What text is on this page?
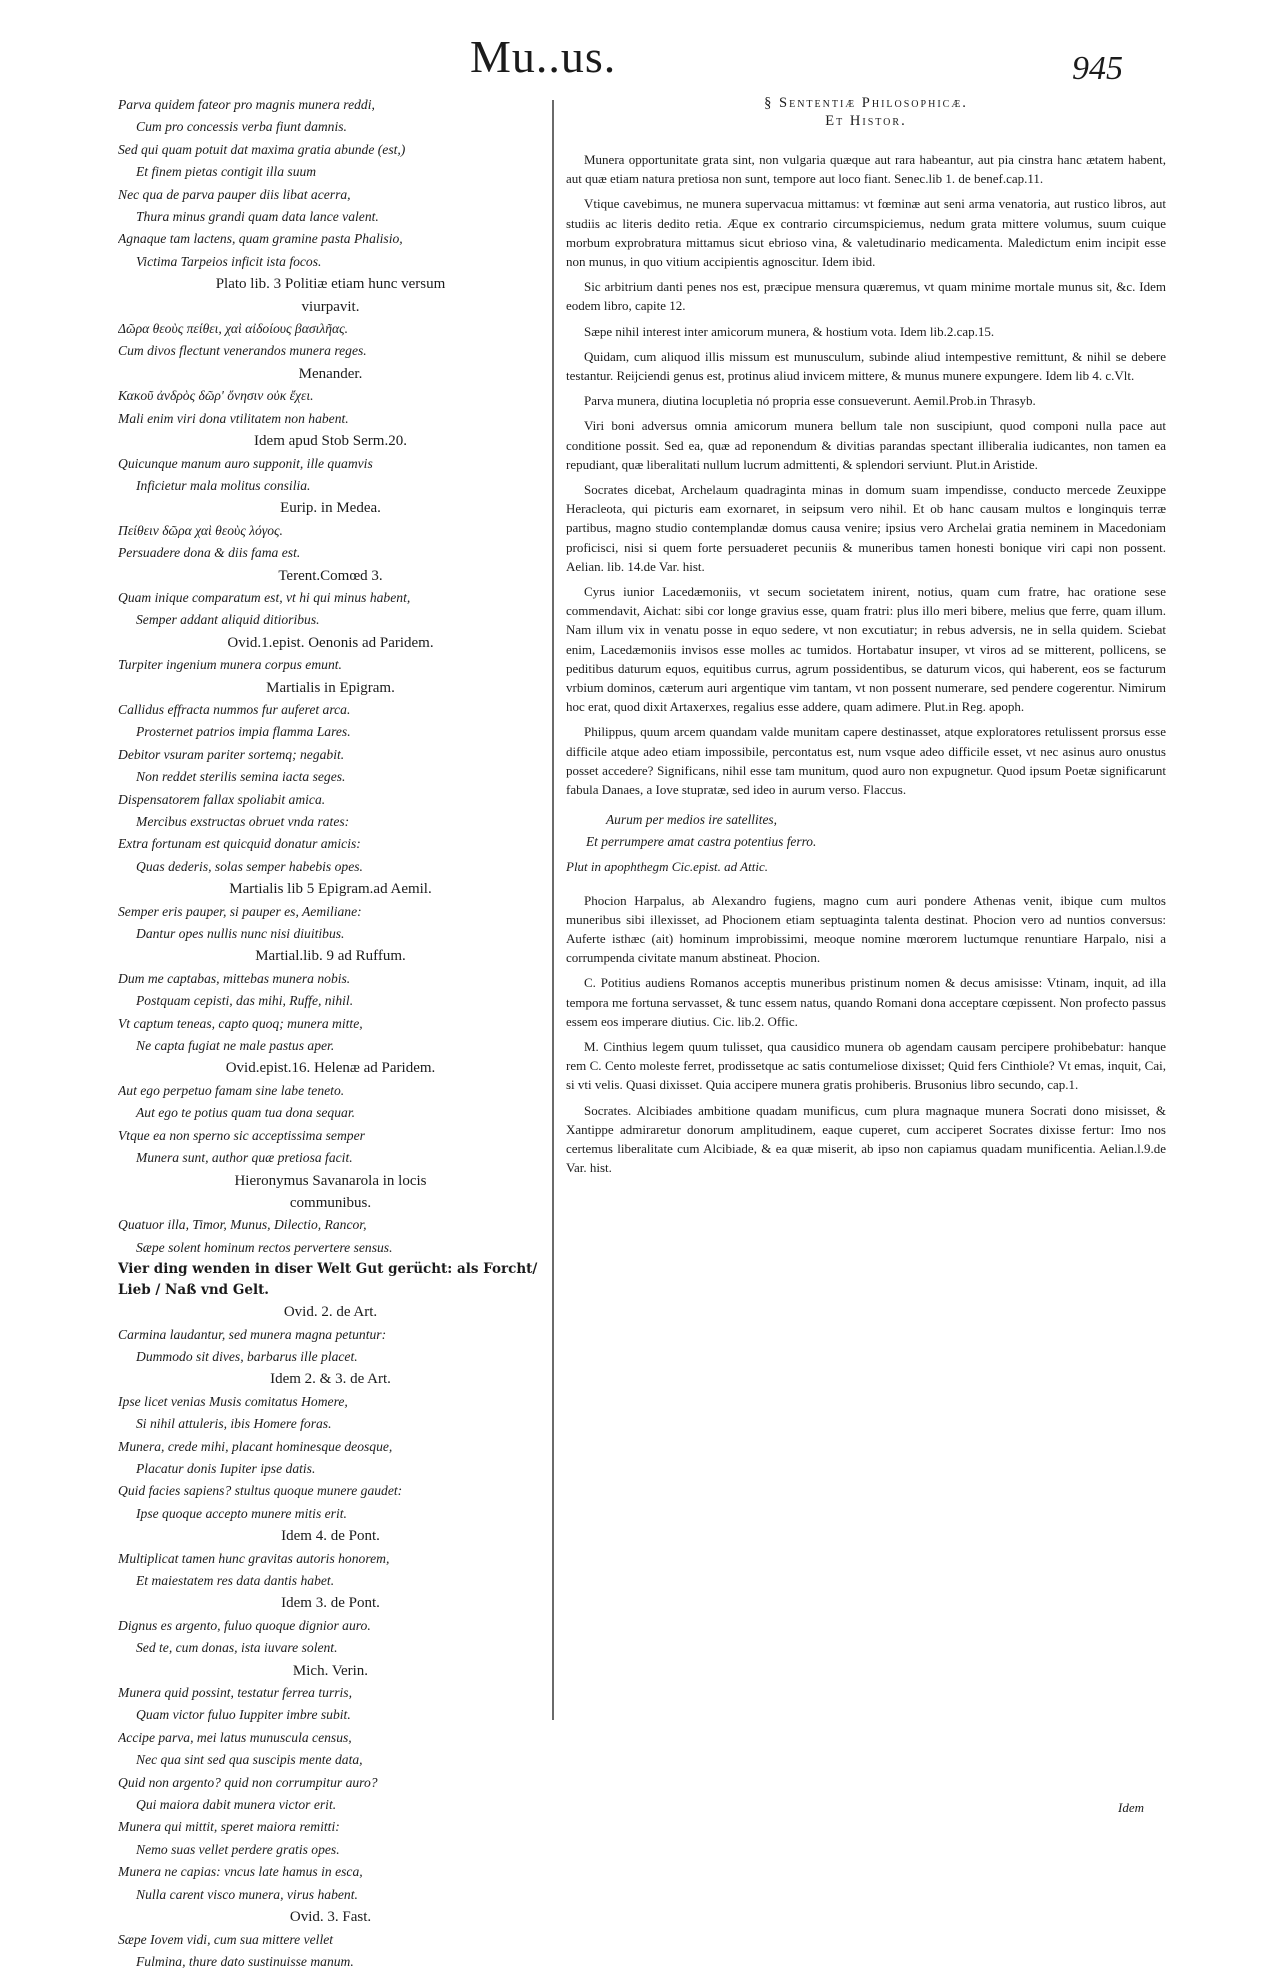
Mu..us.	945
Parva quidem fateor pro magnis munera reddi,
Cum pro concessis verba fiunt damnis.
Sed qui quam potuit dat maxima gratia abunde (est,)
Et finem pietas contigit illa suum
Nec qua de parva pauper diis libat acerra,
Thura minus grandi quam data lance valent.
Agnaque tam lactens, quam gramine pasta Phalisio,
Victima Tarpeios inficit ista focos.
Plato lib. 3 Politiæ etiam hunc versum
viurpavit.
Δῶρα θεοὺς πείθει, χαὶ αἰδοίους βασιλῆας.
Cum divos flectunt venerandos munera reges.
Menander.
Κακοῦ ἀνδρὸς δῶρ' ὄνησιν οὐκ ἔχει.
Mali enim viri dona vtilitatem non habent.
Idem apud Stob Serm.20.
Quicunque manum auro supponit, ille quamvis
Inficietur mala molitus consilia.
Eurip. in Medea.
Πείθειν δῶρα χαὶ θεοὺς λόγος.
Persuadere dona & diis fama est.
Terent.Comœd 3.
Quam inique comparatum est, vt hi qui minus habent,
Semper addant aliquid ditioribus.
Ovid.1.epist. Oenonis ad Paridem.
Turpiter ingenium munera corpus emunt.
Martialis in Epigram.
Callidus effracta nummos fur auferet arca.
Prosternet patrios impia flamma Lares.
Debitor vsuram pariter sortemq; negabit.
Non reddet sterilis semina iacta seges.
Dispensatorem fallax spoliabit amica.
Mercibus exstructas obruet vnda rates:
Extra fortunam est quicquid donatur amicis:
Quas dederis, solas semper habebis opes.
Martialis lib 5 Epigram.ad Aemil.
Semper eris pauper, si pauper es, Aemiliane:
Dantur opes nullis nunc nisi diuitibus.
Martial.lib. 9 ad Ruffum.
Dum me captabas, mittebas munera nobis.
Postquam cepisti, das mihi, Ruffe, nihil.
Vt captum teneas, capto quoq; munera mitte,
Ne capta fugiat ne male pastus aper.
Ovid.epist.16. Helenæ ad Paridem.
Aut ego perpetuo famam sine labe teneto.
Aut ego te potius quam tua dona sequar.
Vtque ea non sperno sic acceptissima semper
Munera sunt, author quæ pretiosa facit.
Hieronymus Savanarola in locis
communibus.
Quatuor illa, Timor, Munus, Dilectio, Rancor,
Sæpe solent hominum rectos pervertere sensus.
Vier ding wenden in diser Welt Gut gerücht: als Forcht/
Lieb / Naß vnd Gelt.
Ovid. 2. de Art.
Carmina laudantur, sed munera magna petuntur:
Dummodo sit dives, barbarus ille placet.
Idem 2. & 3. de Art.
Ipse licet venias Musis comitatus Homere,
Si nihil attuleris, ibis Homere foras.
Munera, crede mihi, placant hominesque deosque,
Placatur donis Iupiter ipse datis.
Quid facies sapiens? stultus quoque munere gaudet:
Ipse quoque accepto munere mitis erit.
Idem 4. de Pont.
Multiplicat tamen hunc gravitas autoris honorem,
Et maiestatem res data dantis habet.
Idem 3. de Pont.
Dignus es argento, fuluo quoque dignior auro.
Sed te, cum donas, ista iuvare solent.
Mich. Verin.
Munera quid possint, testatur ferrea turris,
Quam victor fuluo Iuppiter imbre subit.
Accipe parva, mei latus munuscula census,
Nec qua sint sed qua suscipis mente data,
Quid non argento? quid non corrumpitur auro?
Qui maiora dabit munera victor erit.
Munera qui mittit, speret maiora remitti:
Nemo suas vellet perdere gratis opes.
Munera ne capias: vncus late hamus in esca,
Nulla carent visco munera, virus habent.
Ovid. 3. Fast.
Sæpe Iovem vidi, cum sua mittere vellet
Fulmina, thure dato sustinuisse manum.
§ Sententiæ Philosophicæ.
Et Histor.
Munera opportunitate grata sint, non vulgaria quæque aut rara habeantur, aut pia cinstra hanc ætatem habent, aut quæ etiam natura pretiosa non sunt, tempore aut loco fiant. Senec.lib 1. de benef.cap.11.
Vtique cavebimus, ne munera supervacua mittamus: vt fœminæ aut seni arma venatoria, aut rustico libros, aut studiis ac literis dedito retia. Æque ex contrario circumspiciemus, nedum grata mittere volumus, suum cuique morbum exprobratura mittamus sicut ebrioso vina, & valetudinario medicamenta. Maledictum enim incipit esse non munus, in quo vitium accipientis agnoscitur. Idem ibid.
Sic arbitrium danti penes nos est, præcipue mensura quæremus, vt quam minime mortale munus sit, &c. Idem eodem libro, capite 12.
Sæpe nihil interest inter amicorum munera, & hostium vota. Idem lib.2.cap.15.
Quidam, cum aliquod illis missum est munusculum, subinde aliud intempestive remittunt, & nihil se debere testantur. Reijciendi genus est, protinus aliud invicem mittere, & munus munere expungere. Idem lib 4. c.Vlt.
Parva munera, diutina locupletia nó propria esse consueverunt. Aemil.Prob.in Thrasyb.
Viri boni adversus omnia amicorum munera bellum tale non suscipiunt, quod componi nulla pace aut conditione possit. Sed ea, quæ ad reponendum & divitias parandas spectant illiberalia iudicantes, non tamen ea repudiant, quæ liberalitati nullum lucrum admittenti, & splendori serviunt. Plut.in Aristide.
Socrates dicebat, Archelaum quadraginta minas in domum suam impendisse, conducto mercede Zeuxippe Heracleota, qui picturis eam exornaret, in seipsum vero nihil. Et ob hanc causam multos e longinquis terræ partibus, magno studio contemplandæ domus causa venire; ipsius vero Archelai gratia neminem in Macedoniam proficisci, nisi si quem forte persuaderet pecuniis & muneribus tamen honesti bonique viri capi non possent. Aelian. lib. 14.de Var. hist.
Cyrus iunior Lacedæmoniis, vt secum societatem inirent, notius, quam cum fratre, hac oratione sese commendavit, Aichat: sibi cor longe gravius esse, quam fratri: plus illo meri bibere, melius que ferre, quam illum. Nam illum vix in venatu posse in equo sedere, vt non excutiatur; in rebus adversis, ne in sella quidem. Sciebat enim, Lacedæmoniis invisos esse molles ac tumidos. Hortabatur insuper, vt viros ad se mitterent, pollicens, se peditibus daturum equos, equitibus currus, agrum possidentibus, se daturum vicos, qui haberent, eos se facturum vrbium dominos, cæterum auri argentique vim tantam, vt non possent numerare, sed pendere cogerentur. Nimirum hoc erat, quod dixit Artaxerxes, regalius esse addere, quam adimere. Plut.in Reg. apoph.
Philippus, quum arcem quandam valde munitam capere destinasset, atque exploratores retulissent prorsus esse difficile atque adeo etiam impossibile, percontatus est, num vsque adeo difficile esset, vt nec asinus auro onustus posset accedere? Significans, nihil esse tam munitum, quod auro non expugnetur. Quod ipsum Poetæ significarunt fabula Danaes, a Iove stupratæ, sed ideo in aurum verso. Flaccus.
Aurum per medios ire satellites,
Et perrumpere amat castra potentius ferro.
Plut in apophthegm Cic.epist. ad Attic.
Phocion Harpalus, ab Alexandro fugiens, magno cum auri pondere Athenas venit, ibique cum multos muneribus sibi illexisset, ad Phocionem etiam septuaginta talenta destinat. Phocion vero ad nuntios conversus: Auferte isthæc (ait) hominum improbissimi, meoque nomine mœrorem luctumque renuntiare Harpalo, nisi a corrumpenda civitate manum abstineat. Phocion.
C. Potitius audiens Romanos acceptis muneribus pristinum nomen & decus amisisse: Vtinam, inquit, ad illa tempora me fortuna servasset, & tunc essem natus, quando Romani dona acceptare cœpissent. Non profecto passus essem eos imperare diutius. Cic. lib.2. Offic.
M. Cinthius legem quum tulisset, qua causidico munera ob agendam causam percipere prohibebatur: hanque rem C. Cento moleste ferret, prodissetque ac satis contumeliose dixisset; Quid fers Cinthiole? Vt emas, inquit, Cai, si vti velis. Quasi dixisset. Quia accipere munera gratis prohiberis. Brusonius libro secundo, cap.1.
Socrates. Alcibiades ambitione quadam munificus, cum plura magnaque munera Socrati dono misisset, & Xantippe admiraretur donorum amplitudinem, eaque cuperet, cum acciperet Socrates dixisse fertur: Imo nos certemus liberalitate cum Alcibiade, & ea quæ miserit, ab ipso non capiamus quadam munificentia. Aelian.l.9.de Var. hist.
Idem
